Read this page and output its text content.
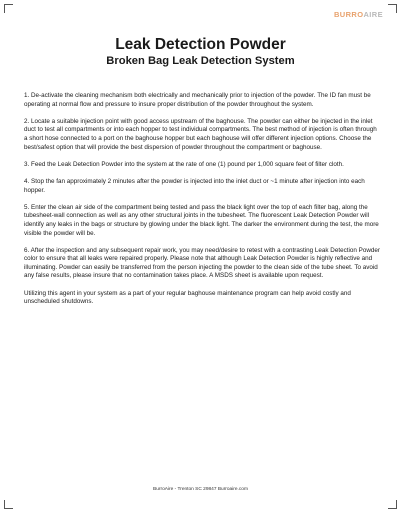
BURROAIRE
Leak Detection Powder
Broken Bag Leak Detection System

1. De-activate the cleaning mechanism both electrically and mechanically prior to injection of the powder. The ID fan must be operating at normal flow and pressure to insure proper distribution of the powder throughout the system.

2. Locate a suitable injection point with good access upstream of the baghouse. The powder can either be injected in the inlet duct to test all compartments or into each hopper to test individual compartments. The best method of injection is often through a short hose connected to a port on the baghouse hopper but each baghouse will offer different injection options. Choose the best/safest option that will provide the best dispersion of powder throughout the compartment or baghouse.

3. Feed the Leak Detection Powder into the system at the rate of one (1) pound per 1,000 square feet of filter cloth.

4. Stop the fan approximately 2 minutes after the powder is injected into the inlet duct or ~1 minute after injection into each hopper.

5. Enter the clean air side of the compartment being tested and pass the black light over the top of each filter bag, along the tubesheet-wall connection as well as any other structural joints in the tubesheet. The fluorescent Leak Detection Powder will identify any leaks in the bags or structure by glowing under the black light. The darker the environment during the test, the more visible the powder will be.

6. After the inspection and any subsequent repair work, you may need/desire to retest with a contrasting Leak Detection Powder color to ensure that all leaks were repaired properly. Please note that although Leak Detection Powder is highly reflective and illuminating. Powder can easily be transferred from the person injecting the powder to the clean side of the tube sheet. To avoid any false results, please insure that no contamination takes place. A MSDS sheet is available upon request.

Utilizing this agent in your system as a part of your regular baghouse maintenance program can help avoid costly and unscheduled shutdowns.

BurroAire - Trenton SC 29847 Burroaire.com
